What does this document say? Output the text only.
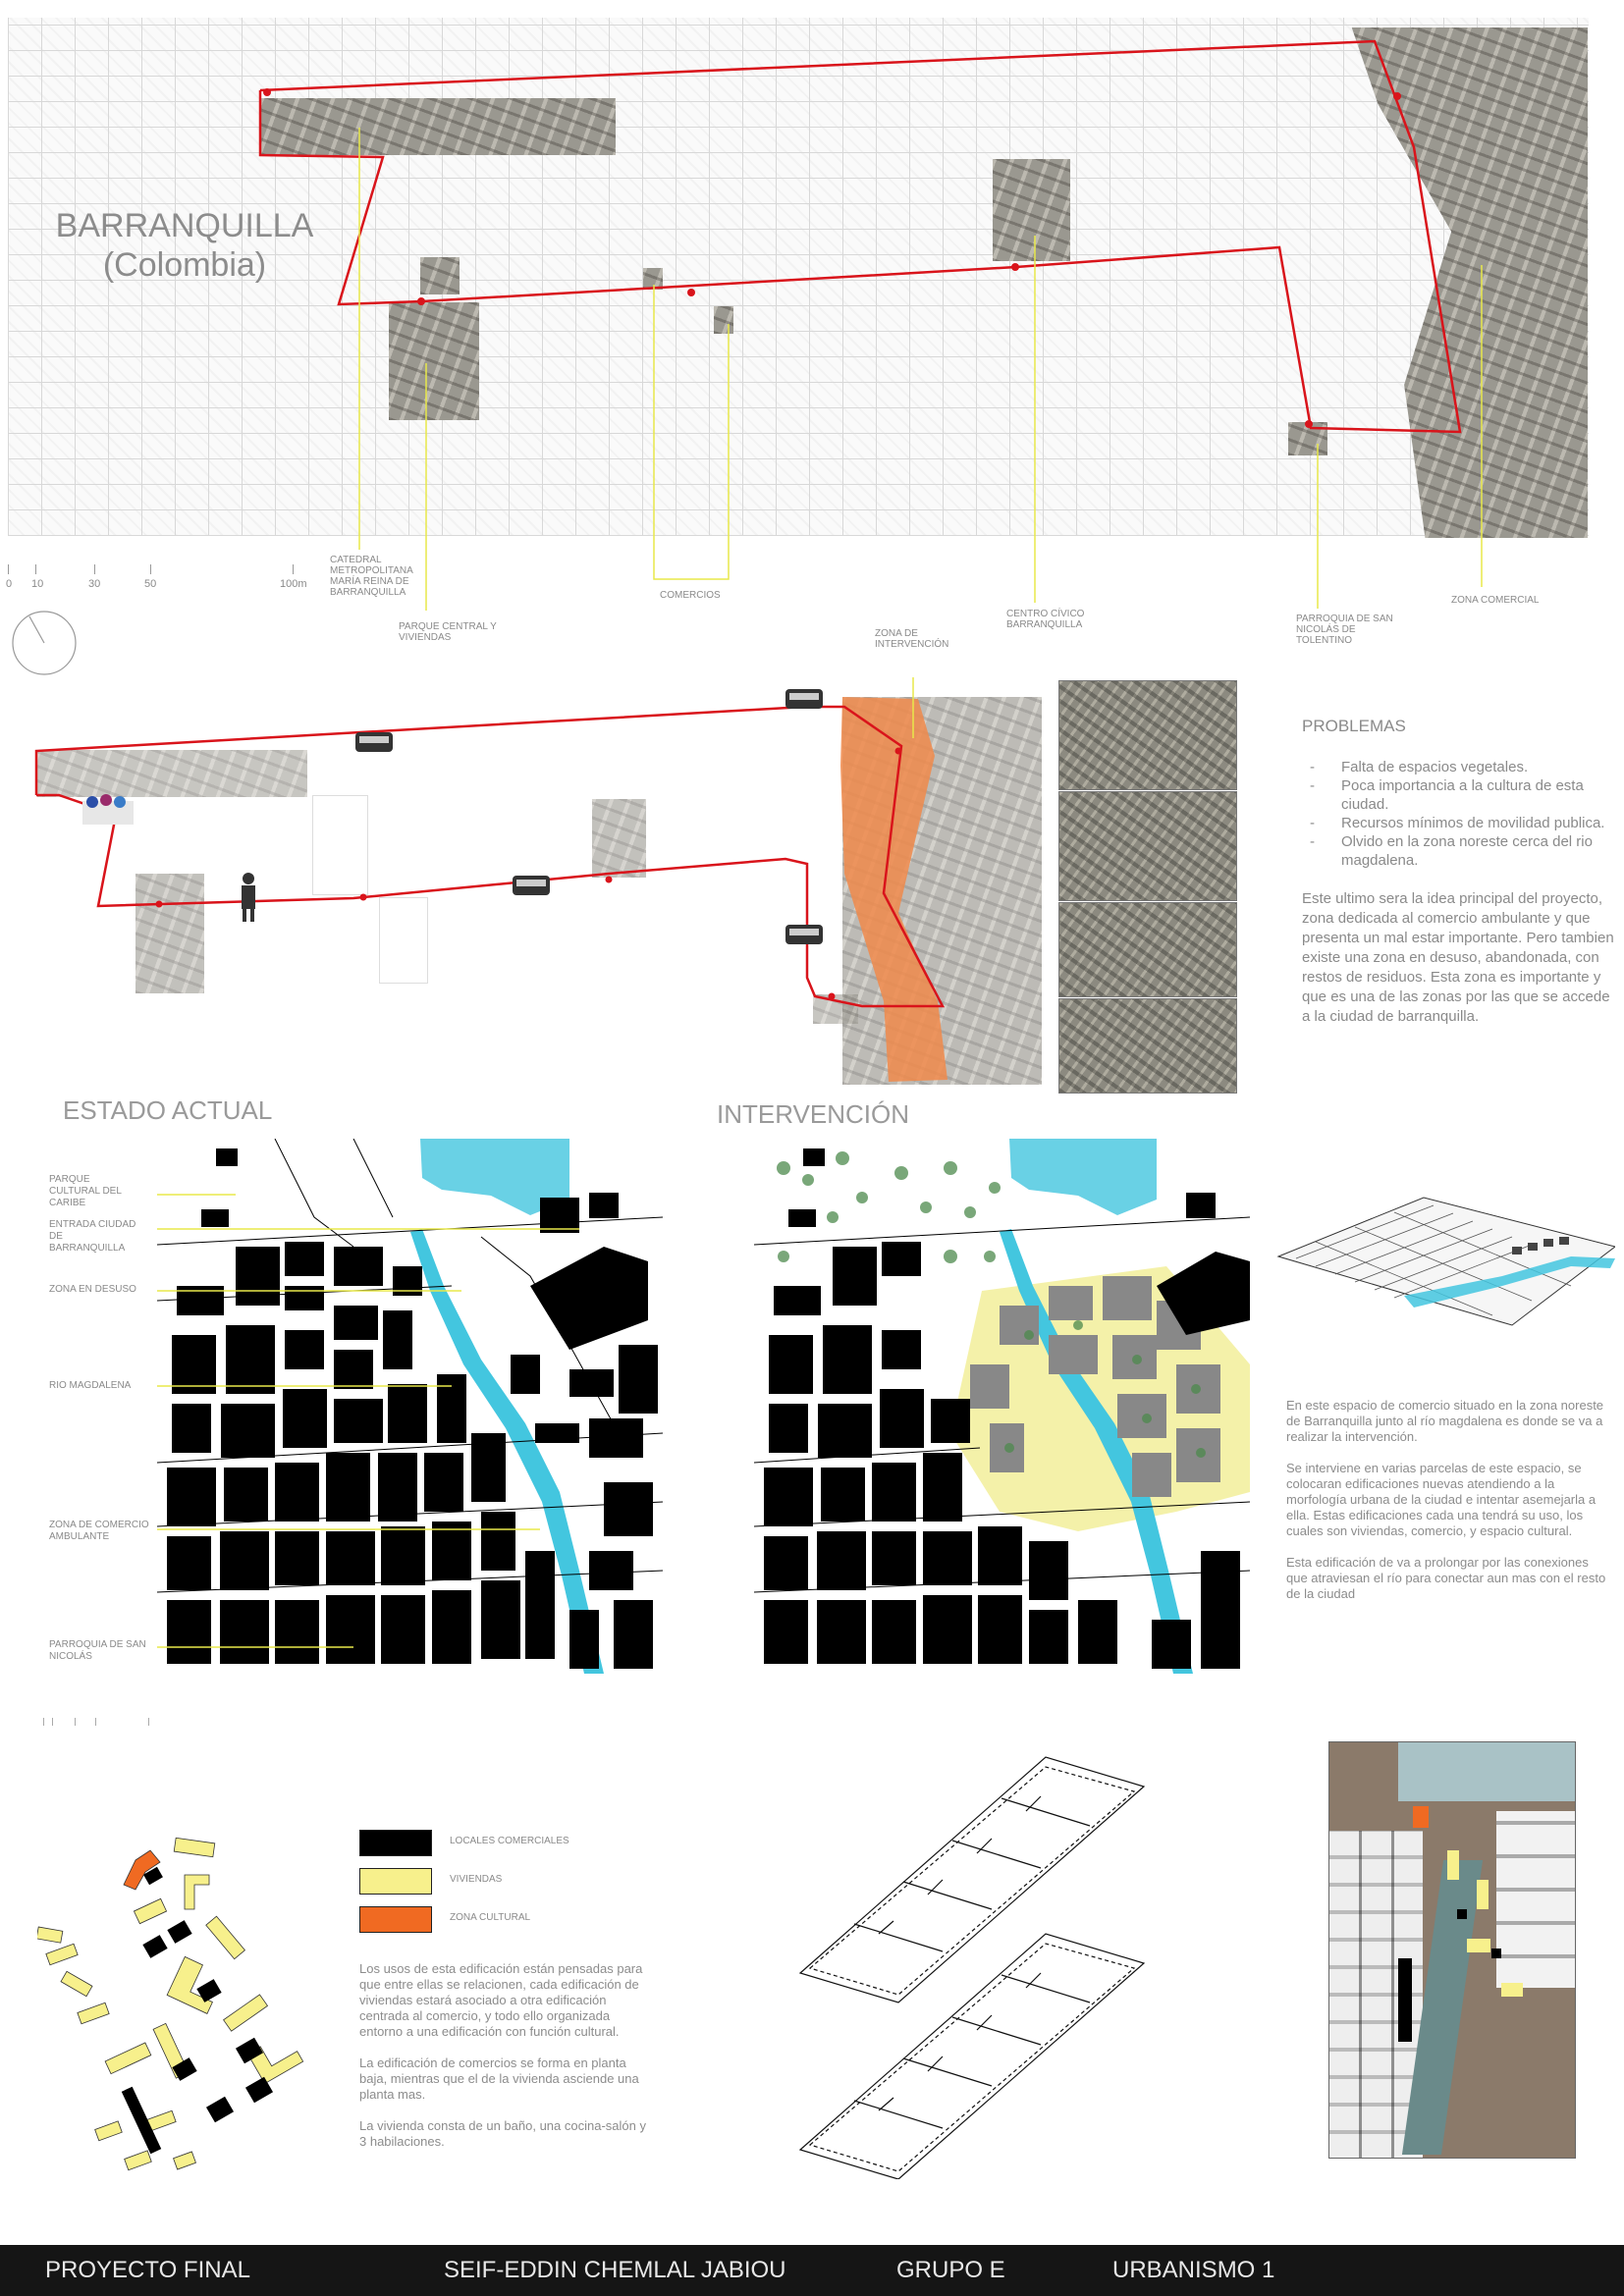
BARRANQUILLA
(Colombia)
0 10	30	50	100m
CATEDRAL METROPOLITANA MARÍA REINA DE BARRANQUILLA
PARQUE CENTRAL Y VIVIENDAS
COMERCIOS
CENTRO CÍVICO BARRANQUILLA
PARROQUIA DE SAN NICOLÁS DE TOLENTINO
ZONA COMERCIAL
ZONA DE INTERVENCIÓN
PROBLEMAS
- Falta de espacios vegetales.
- Poca importancia a la cultura de esta ciudad.
- Recursos mínimos de movilidad publica.
- Olvido en la zona noreste cerca del rio magdalena.
Este ultimo sera la idea principal del proyecto, zona dedicada al comercio ambulante y que presenta un mal estar importante. Pero tambien existe una zona en desuso, abandonada, con restos de residuos. Esta zona es importante y que es una de las zonas por las que se accede a la ciudad de barranquilla.
ESTADO ACTUAL	INTERVENCIÓN
PARQUE CULTURAL DEL CARIBE
ENTRADA CIUDAD DE BARRANQUILLA
ZONA EN DESUSO
RIO MAGDALENA
ZONA DE COMERCIO AMBULANTE
PARROQUIA DE SAN NICOLÁS

En este espacio de comercio situado en la zona noreste de Barranquilla junto al río magdalena es donde se va a realizar la intervención.

Se interviene en varias parcelas de este espacio, se colocaran edificaciones nuevas atendiendo a la morfología urbana de la ciudad e intentar asemejarla a ella. Estas edificaciones cada una tendrá su uso, los cuales son viviendas, comercio, y espacio cultural.

Esta edificación de va a prolongar por las conexiones que atraviesan el río para conectar aun mas con el resto de la ciudad

LOCALES COMERCIALES
VIVIENDAS
ZONA CULTURAL

Los usos de esta edificación están pensadas para que entre ellas se relacionen, cada edificación de viviendas estará asociado a otra edificación centrada al comercio, y todo ello organizada entorno a una edificación con función cultural.

La edificación de comercios se forma en planta baja, mientras que el de la vivienda asciende una planta mas.

La vivienda consta de un baño, una cocina-salón y 3 habilaciones.

PROYECTO FINAL	SEIF-EDDIN CHEMLAL JABIOU	GRUPO E	URBANISMO 1
